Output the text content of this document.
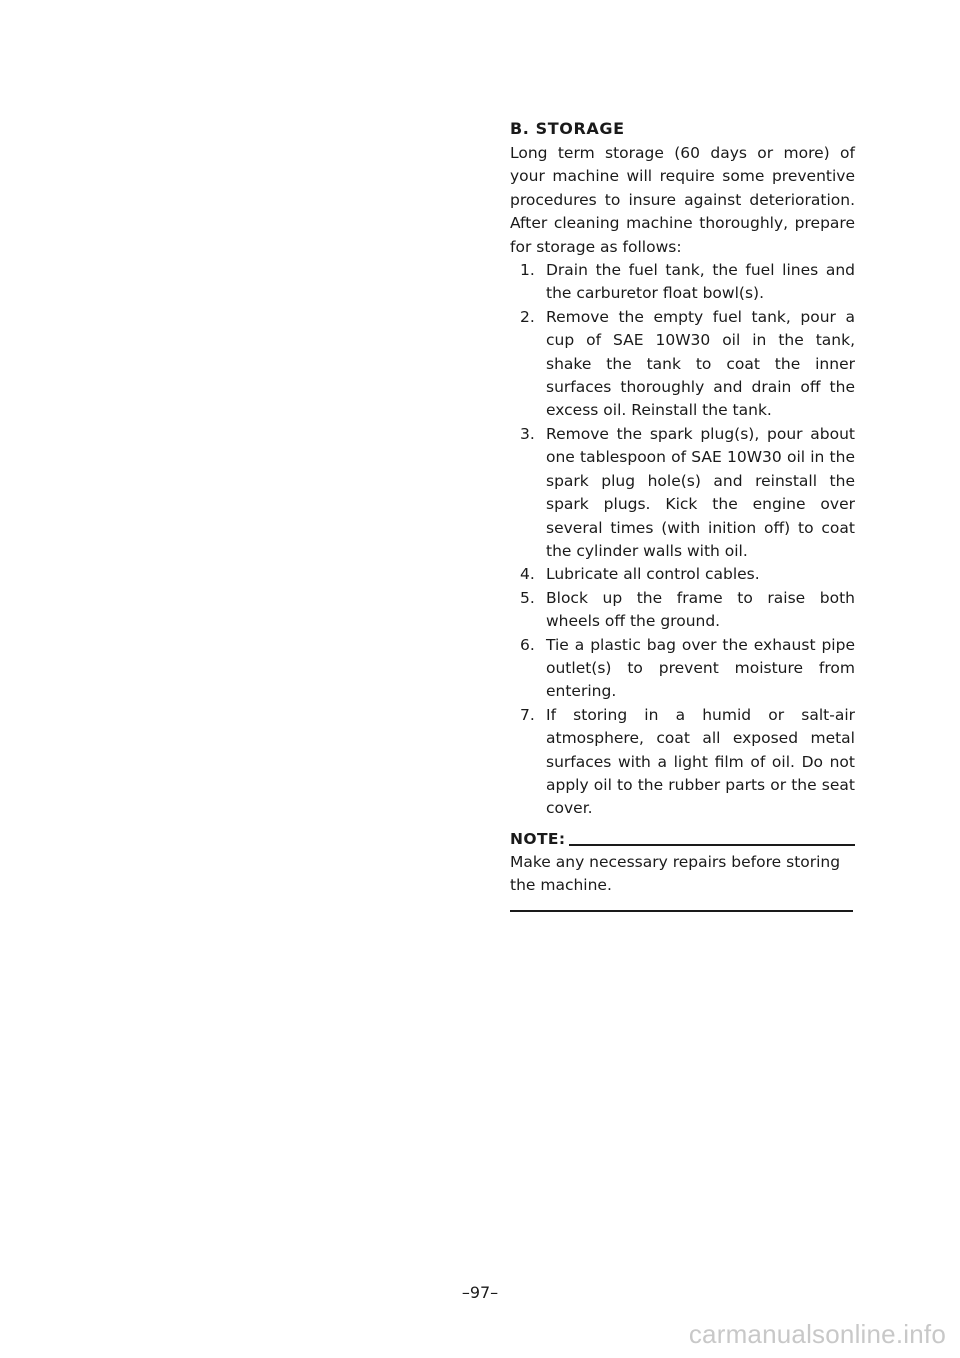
B. STORAGE

Long term storage (60 days or more) of your machine will require some preventive procedures to insure against deterioration. After cleaning machine thoroughly, prepare for storage as follows:

1. Drain the fuel tank, the fuel lines and the carburetor float bowl(s).
2. Remove the empty fuel tank, pour a cup of SAE 10W30 oil in the tank, shake the tank to coat the inner surfaces thoroughly and drain off the excess oil. Reinstall the tank.
3. Remove the spark plug(s), pour about one tablespoon of SAE 10W30 oil in the spark plug hole(s) and reinstall the spark plugs. Kick the engine over several times (with inition off) to coat the cylinder walls with oil.
4. Lubricate all control cables.
5. Block up the frame to raise both wheels off the ground.
6. Tie a plastic bag over the exhaust pipe outlet(s) to prevent moisture from entering.
7. If storing in a humid or salt-air atmosphere, coat all exposed metal surfaces with a light film of oil. Do not apply oil to the rubber parts or the seat cover.
NOTE:

Make any necessary repairs before storing the machine.

–97–
carmanualsonline.info
